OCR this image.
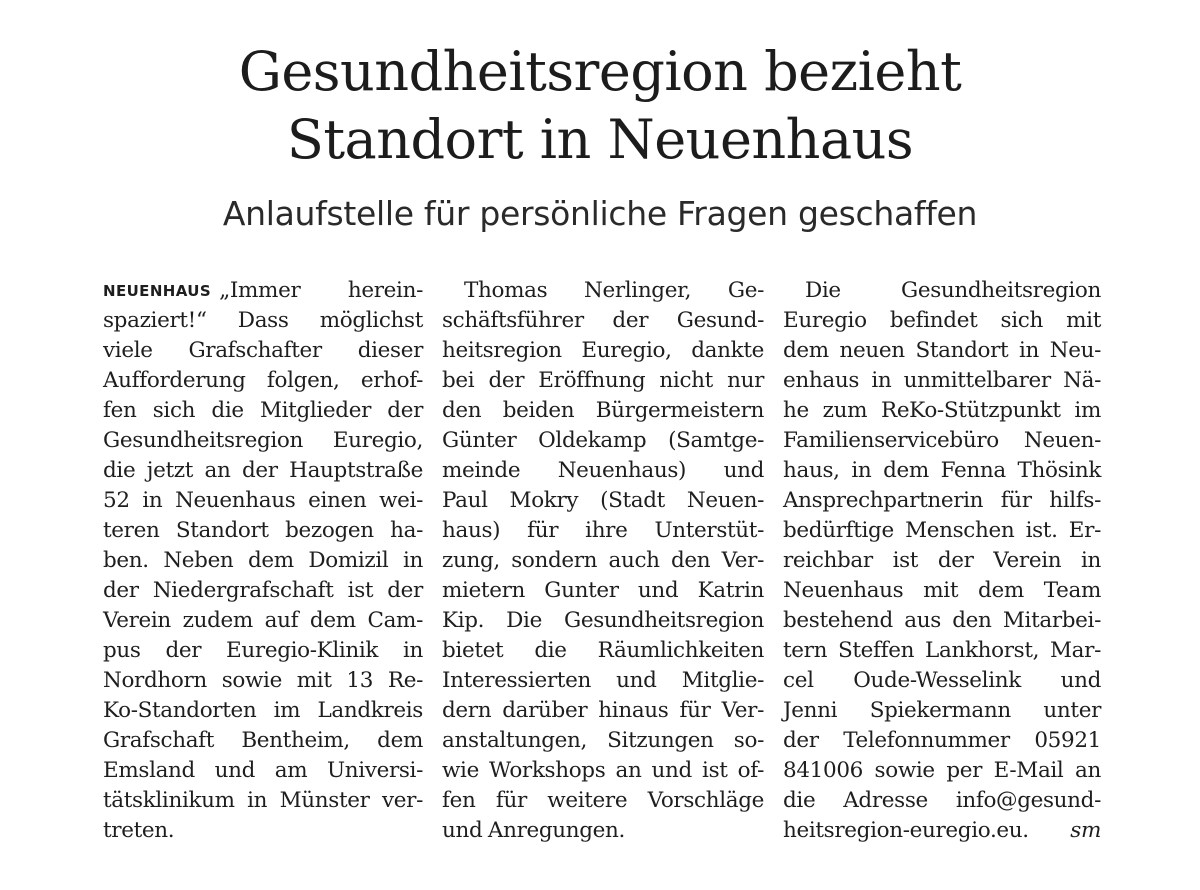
Gesundheitsregion bezieht
Standort in Neuenhaus
Anlaufstelle für persönliche Fragen geschaffen
NEUENHAUS „Immer herein-
spaziert!“ Dass möglichst
viele Grafschafter dieser
Aufforderung folgen, erhof-
fen sich die Mitglieder der
Gesundheitsregion Euregio,
die jetzt an der Hauptstraße
52 in Neuenhaus einen wei-
teren Standort bezogen ha-
ben. Neben dem Domizil in
der Niedergrafschaft ist der
Verein zudem auf dem Cam-
pus der Euregio-Klinik in
Nordhorn sowie mit 13 Re-
Ko-Standorten im Landkreis
Grafschaft Bentheim, dem
Emsland und am Universi-
tätsklinikum in Münster ver-
treten.
Thomas Nerlinger, Ge-
schäftsführer der Gesund-
heitsregion Euregio, dankte
bei der Eröffnung nicht nur
den beiden Bürgermeistern
Günter Oldekamp (Samtge-
meinde Neuenhaus) und
Paul Mokry (Stadt Neuen-
haus) für ihre Unterstüt-
zung, sondern auch den Ver-
mietern Gunter und Katrin
Kip. Die Gesundheitsregion
bietet die Räumlichkeiten
Interessierten und Mitglie-
dern darüber hinaus für Ver-
anstaltungen, Sitzungen so-
wie Workshops an und ist of-
fen für weitere Vorschläge
und Anregungen.
Die Gesundheitsregion
Euregio befindet sich mit
dem neuen Standort in Neu-
enhaus in unmittelbarer Nä-
he zum ReKo-Stützpunkt im
Familienservicebüro Neuen-
haus, in dem Fenna Thösink
Ansprechpartnerin für hilfs-
bedürftige Menschen ist. Er-
reichbar ist der Verein in
Neuenhaus mit dem Team
bestehend aus den Mitarbei-
tern Steffen Lankhorst, Mar-
cel Oude-Wesselink und
Jenni Spiekermann unter
der Telefonnummer 05921
841006 sowie per E-Mail an
die Adresse info@gesund-
heitsregion-euregio.eu. sm
